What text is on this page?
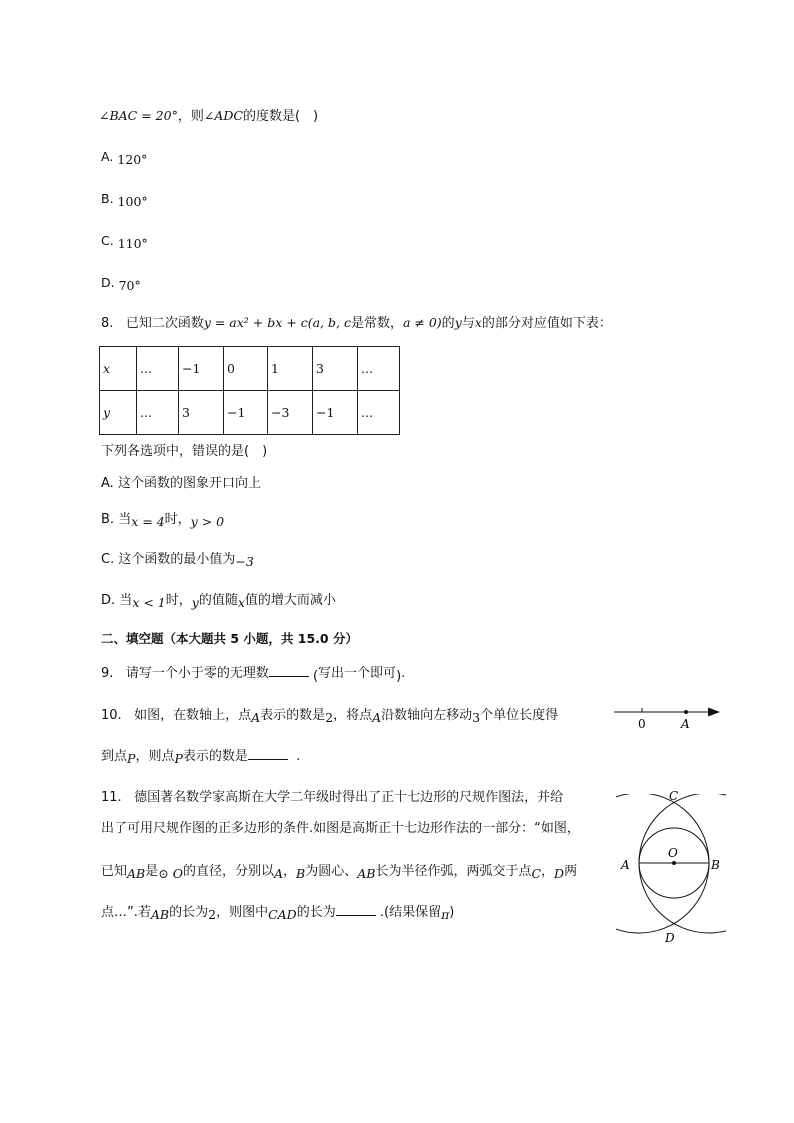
∠BAC = 20°，则∠ADC的度数是(　)
A. 120°
B. 100°
C. 110°
D. 70°
8. 已知二次函数y = ax² + bx + c(a, b, c是常数，a ≠ 0)的y与x的部分对应值如下表：
x	...	−1	0	1	3	...
y	...	3	−1	−3	−1	...
下列各选项中，错误的是(　)
A. 这个函数的图象开口向上
B. 当x = 4时，y > 0
C. 这个函数的最小值为−3
D. 当x < 1时，y的值随x值的增大而减小
二、填空题（本大题共 5 小题，共 15.0 分）
9. 请写一个小于零的无理数	(写出一个即可).
10. 如图，在数轴上，点A表示的数是2，将点A沿数轴向左移动3个单位长度得
到点P，则点P表示的数是	.
0	A
11. 德国著名数学家高斯在大学二年级时得出了正十七边形的尺规作图法，并给
出了可用尺规作图的正多边形的条件.如图是高斯正十七边形作法的一部分：“如图，
已知AB是⊙ O的直径，分别以A，B为圆心、AB长为半径作弧，两弧交于点C，D两
点…”.若AB的长为2，则图中CAD的长为	.(结果保留π)
C
O
A	B
D
